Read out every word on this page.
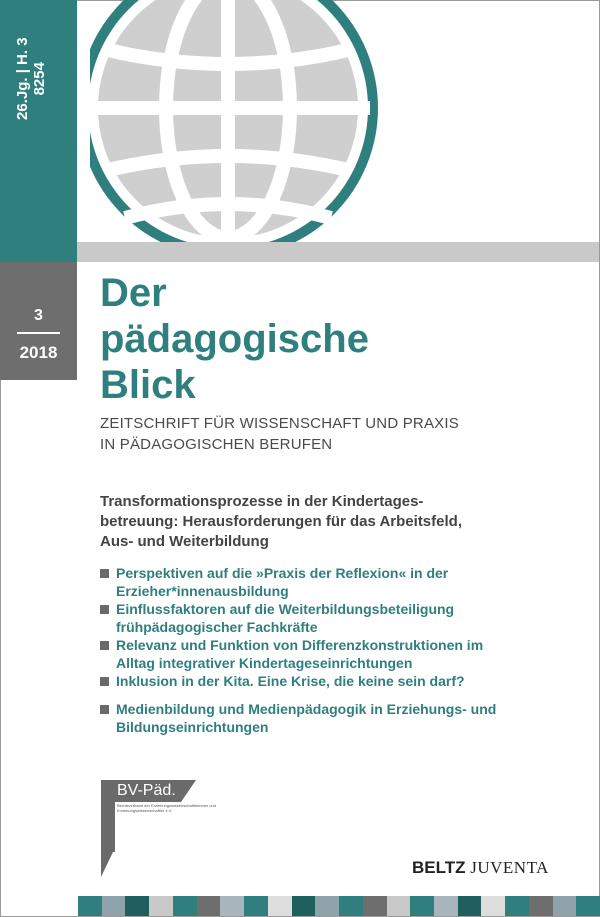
26.Jg. | H. 3 8254
3
2018
Der
pädagogische
Blick
ZEITSCHRIFT FÜR WISSENSCHAFT UND PRAXIS
IN PÄDAGOGISCHEN BERUFEN
Transformationsprozesse in der Kindertages-
betreuung: Herausforderungen für das Arbeitsfeld,
Aus- und Weiterbildung
Perspektiven auf die »Praxis der Reflexion« in der
Erzieher*innenausbildung
Einflussfaktoren auf die Weiterbildungsbeteiligung
frühpädagogischer Fachkräfte
Relevanz und Funktion von Differenzkonstruktionen im
Alltag integrativer Kindertageseinrichtungen
Inklusion in der Kita. Eine Krise, die keine sein darf?
Medienbildung und Medienpädagogik in Erziehungs- und
Bildungseinrichtungen
BV-Päd.
Berufsverband der Erziehungswissenschaftlerinnen und Erziehungswissenschaftler e.V.
BELTZ JUVENTA
